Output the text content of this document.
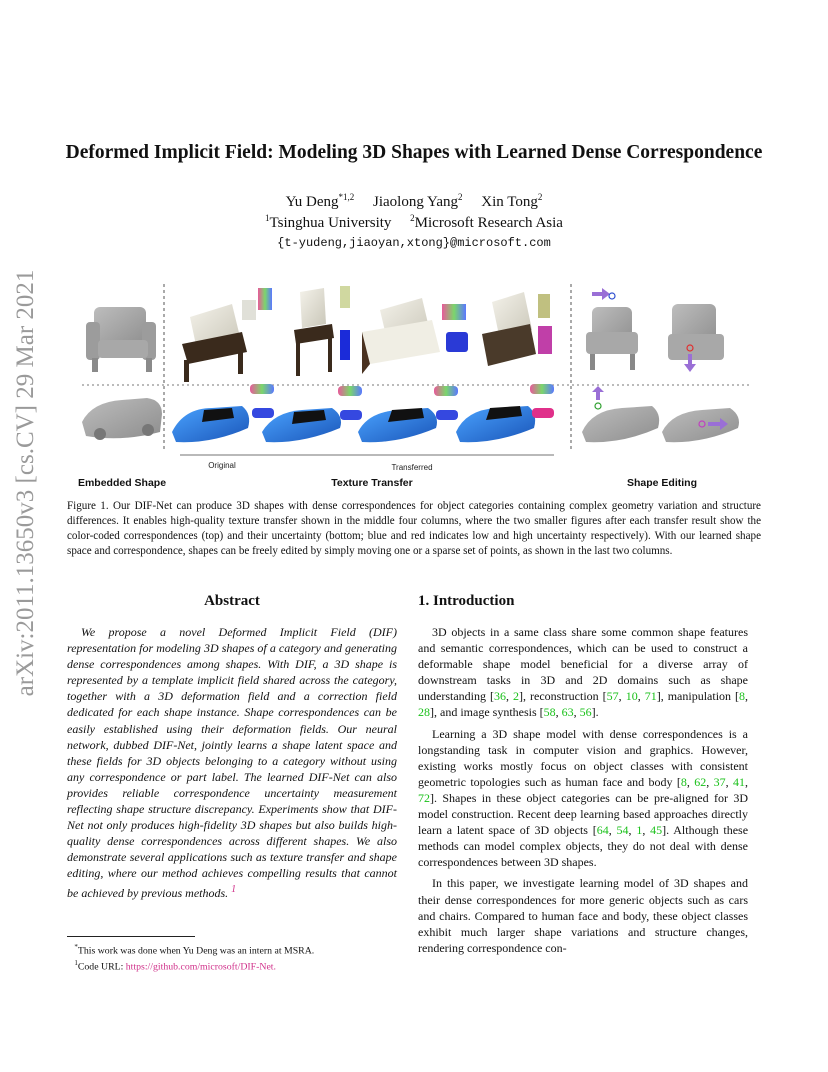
Deformed Implicit Field: Modeling 3D Shapes with Learned Dense Correspondence
Yu Deng$^{*1,2}$ Jiaolong Yang$^2$ Xin Tong$^2$
$^1$Tsinghua University $^2$Microsoft Research Asia
{t-yudeng,jiaoyan,xtong}@microsoft.com
arXiv:2011.13650v3 [cs.CV] 29 Mar 2021	Original	Transferred
Embedded Shape	Texture Transfer	Shape Editing
Figure 1. Our DIF-Net can produce 3D shapes with dense correspondences for object categories containing complex geometry variation and structure differences. It enables high-quality texture transfer shown in the middle four columns, where the two smaller figures after each transfer result show the color-coded correspondences (top) and their uncertainty (bottom; blue and red indicates low and high uncertainty respectively). With our learned shape space and correspondence, shapes can be freely edited by simply moving one or a sparse set of points, as shown in the last two columns.
Abstract

We propose a novel Deformed Implicit Field (DIF) representation for modeling 3D shapes of a category and generating dense correspondences among shapes. With DIF, a 3D shape is represented by a template implicit field shared across the category, together with a 3D deformation field and a correction field dedicated for each shape instance. Shape correspondences can be easily established using their deformation fields. Our neural network, dubbed DIF-Net, jointly learns a shape latent space and these fields for 3D objects belonging to a category without using any correspondence or part label. The learned DIF-Net can also provides reliable correspondence uncertainty measurement reflecting shape structure discrepancy. Experiments show that DIF-Net not only produces high-fidelity 3D shapes but also builds high-quality dense correspondences across different shapes. We also demonstrate several applications such as texture transfer and shape editing, where our method achieves compelling results that cannot be achieved by previous methods. $^1$

*This work was done when Yu Deng was an intern at MSRA.
$^1$Code URL: https://github.com/microsoft/DIF-Net.
1. Introduction

3D objects in a same class share some common shape features and semantic correspondences, which can be used to construct a deformable shape model beneficial for a diverse array of downstream tasks in 3D and 2D domains such as shape understanding [36, 2], reconstruction [57, 10, 71], manipulation [8, 28], and image synthesis [58, 63, 56].

Learning a 3D shape model with dense correspondences is a longstanding task in computer vision and graphics. However, existing works mostly focus on object classes with consistent geometric topologies such as human face and body [8, 62, 37, 41, 72]. Shapes in these object categories can be pre-aligned for 3D model construction. Recent deep learning based approaches directly learn a latent space of 3D objects [64, 54, 1, 45]. Although these methods can model complex objects, they do not deal with dense correspondences between 3D shapes.

In this paper, we investigate learning model of 3D shapes and their dense correspondences for more generic objects such as cars and chairs. Compared to human face and body, these object classes exhibit much larger shape variations and structure changes, rendering correspondence con-
